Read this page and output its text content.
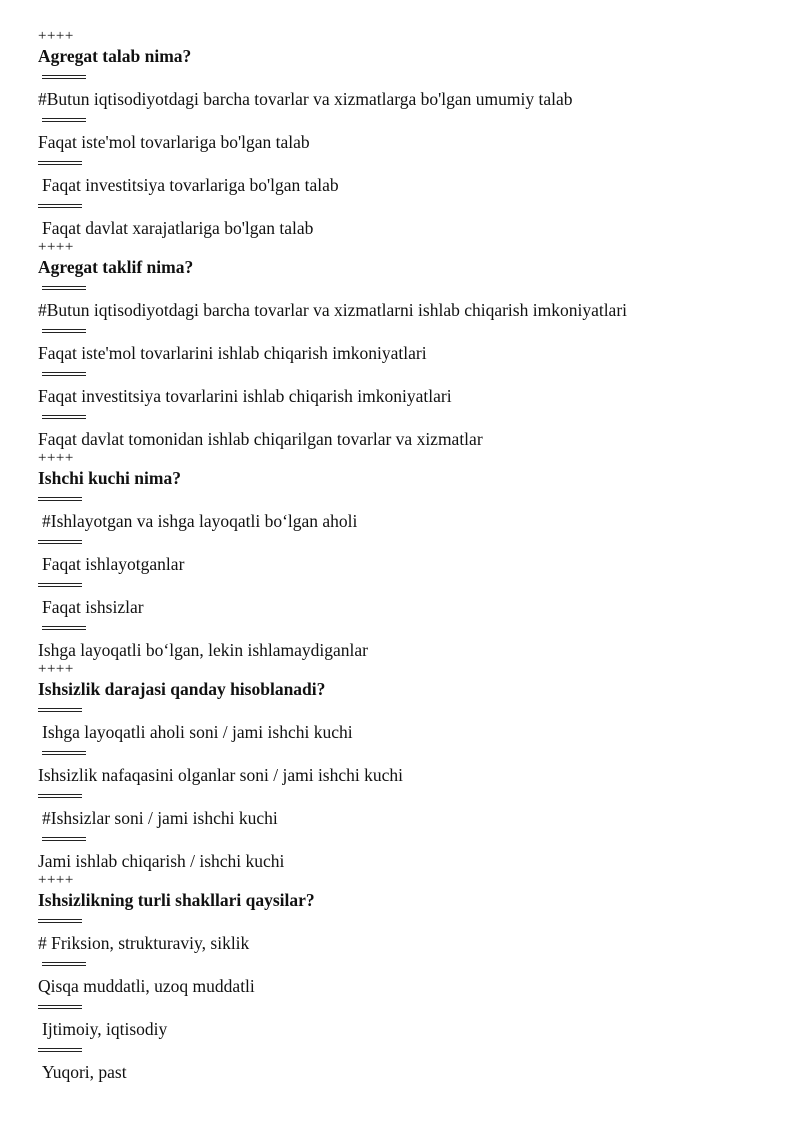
++++
Agregat talab nima?
#Butun iqtisodiyotdagi barcha tovarlar va xizmatlarga bo'lgan umumiy talab
Faqat iste'mol tovarlariga bo'lgan talab
Faqat investitsiya tovarlariga bo'lgan talab
Faqat davlat xarajatlariga bo'lgan talab
++++
Agregat taklif nima?
#Butun iqtisodiyotdagi barcha tovarlar va xizmatlarni ishlab chiqarish imkoniyatlari
Faqat iste'mol tovarlarini ishlab chiqarish imkoniyatlari
Faqat investitsiya tovarlarini ishlab chiqarish imkoniyatlari
Faqat davlat tomonidan ishlab chiqarilgan tovarlar va xizmatlar
++++
Ishchi kuchi nima?
#Ishlayotgan va ishga layoqatli bo‘lgan aholi
Faqat ishlayotganlar
Faqat ishsizlar
Ishga layoqatli bo‘lgan, lekin ishlamaydiganlar
++++
Ishsizlik darajasi qanday hisoblanadi?
Ishga layoqatli aholi soni / jami ishchi kuchi
Ishsizlik nafaqasini olganlar soni / jami ishchi kuchi
#Ishsizlar soni / jami ishchi kuchi
Jami ishlab chiqarish / ishchi kuchi
++++
Ishsizlikning turli shakllari qaysilar?
# Friksion, strukturaviy, siklik
Qisqa muddatli, uzoq muddatli
Ijtimoiy, iqtisodiy
Yuqori, past
